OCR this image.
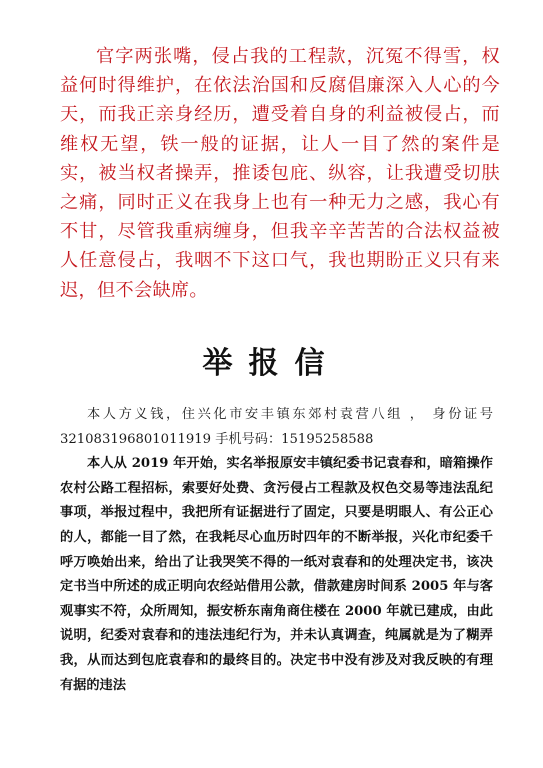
官字两张嘴，侵占我的工程款，沉冤不得雪，权益何时得维护，在依法治国和反腐倡廉深入人心的今天，而我正亲身经历，遭受着自身的利益被侵占，而维权无望，铁一般的证据，让人一目了然的案件是实，被当权者操弄，推诿包庇、纵容，让我遭受切肤之痛，同时正义在我身上也有一种无力之感，我心有不甘，尽管我重病缠身，但我辛辛苦苦的合法权益被人任意侵占，我咽不下这口气，我也期盼正义只有来迟，但不会缺席。

举报信

本人方义钱，住兴化市安丰镇东郊村袁营八组 ， 身份证号 321083196801011919 手机号码：15195258588

本人从 2019 年开始，实名举报原安丰镇纪委书记袁春和，暗箱操作农村公路工程招标，索要好处费、贪污侵占工程款及权色交易等违法乱纪事项，举报过程中，我把所有证据进行了固定，只要是明眼人、有公正心的人，都能一目了然，在我耗尽心血历时四年的不断举报，兴化市纪委千呼万唤始出来，给出了让我哭笑不得的一纸对袁春和的处理决定书，该决定书当中所述的成正明向农经站借用公款，借款建房时间系 2005 年与客观事实不符，众所周知，振安桥东南角商住楼在 2000 年就已建成，由此说明，纪委对袁春和的违法违纪行为，并未认真调查，纯属就是为了糊弄我，从而达到包庇袁春和的最终目的。决定书中没有涉及对我反映的有理有据的违法
